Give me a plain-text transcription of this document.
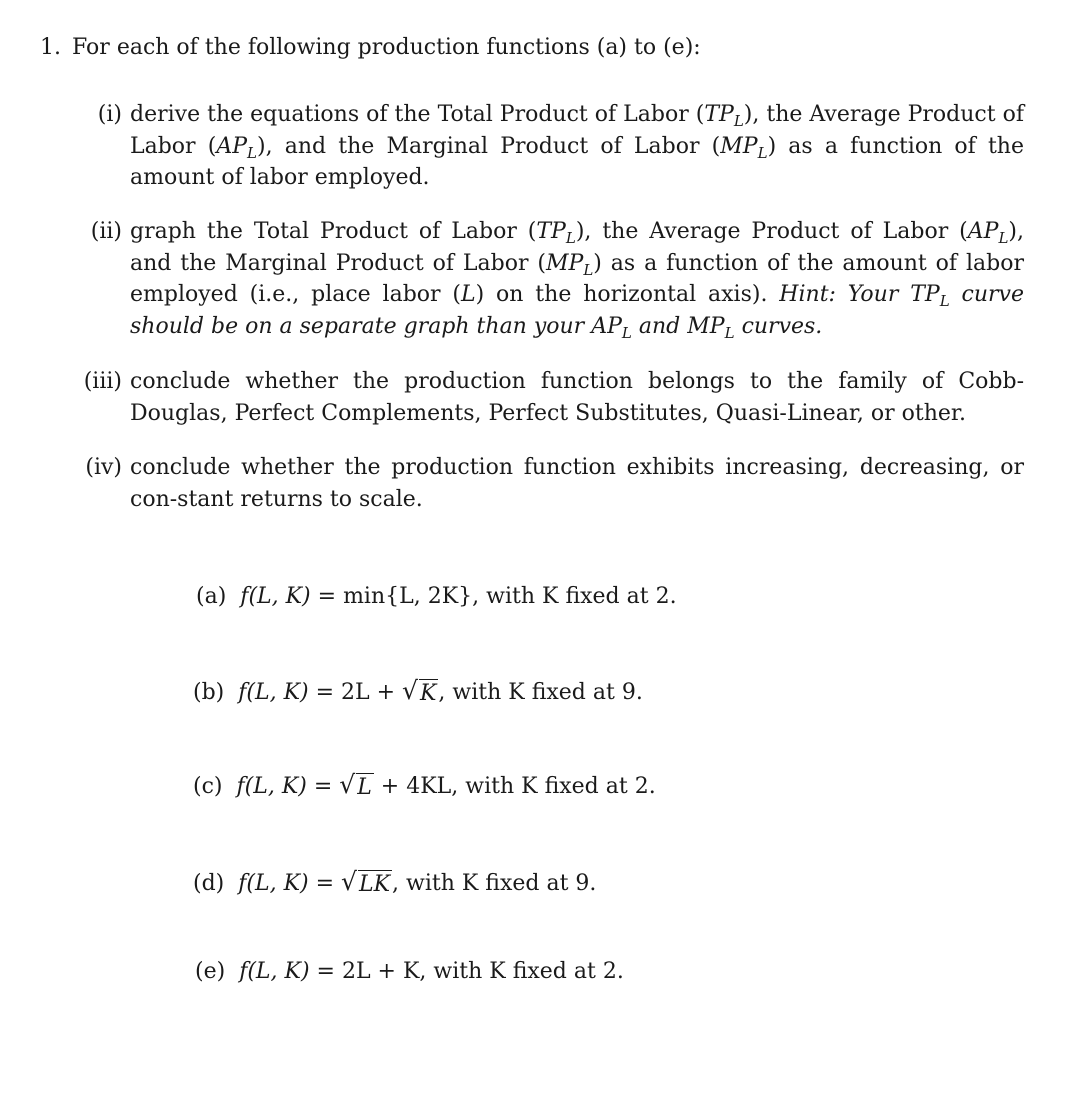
1. For each of the following production functions (a) to (e):
(i) derive the equations of the Total Product of Labor $(TP_L)$, the Average Product of Labor $(AP_L)$, and the Marginal Product of Labor $(MP_L)$ as a function of the amount of labor employed.
(ii) graph the Total Product of Labor $(TP_L)$, the Average Product of Labor $(AP_L)$, and the Marginal Product of Labor $(MP_L)$ as a function of the amount of labor employed (i.e., place labor (L) on the horizontal axis). Hint: Your $TP_L$ curve should be on a separate graph than your $AP_L$ and $MP_L$ curves.
(iii) conclude whether the production function belongs to the family of Cobb-Douglas, Perfect Complements, Perfect Substitutes, Quasi-Linear, or other.
(iv) conclude whether the production function exhibits increasing, decreasing, or con-stant returns to scale.
(a) f(L, K) = min{L, 2K}, with K fixed at 2.
(b) f(L, K) = 2L + √ K , with K fixed at 9.
(c) f(L, K) = √ L + 4KL, with K fixed at 2.
(d) f(L, K) = √ LK , with K fixed at 9.
(e) f(L, K) = 2L + K, with K fixed at 2.
